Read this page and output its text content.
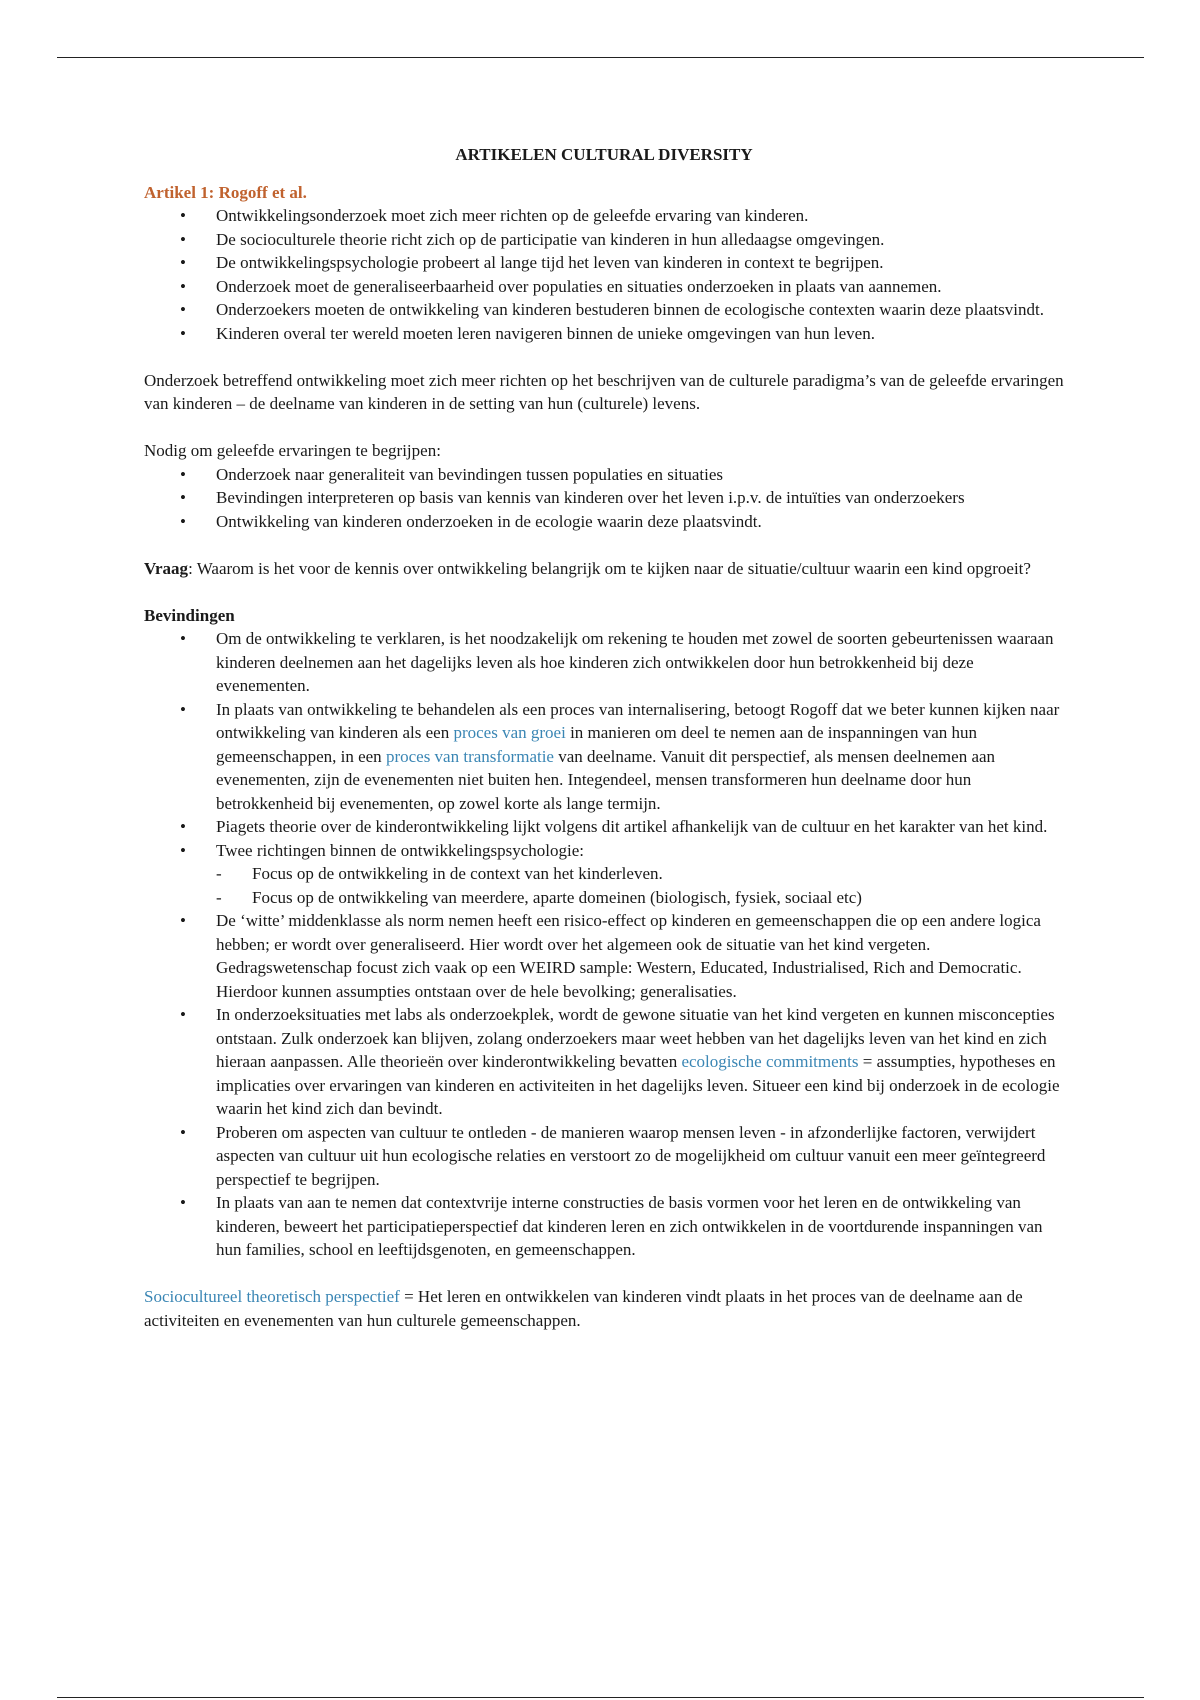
ARTIKELEN CULTURAL DIVERSITY

Artikel 1: Rogoff et al.

• Ontwikkelingsonderzoek moet zich meer richten op de geleefde ervaring van kinderen.
• De socioculturele theorie richt zich op de participatie van kinderen in hun alledaagse omgevingen.
• De ontwikkelingspsychologie probeert al lange tijd het leven van kinderen in context te begrijpen.
• Onderzoek moet de generaliseerbaarheid over populaties en situaties onderzoeken in plaats van aannemen.
• Onderzoekers moeten de ontwikkeling van kinderen bestuderen binnen de ecologische contexten waarin deze plaatsvindt.
• Kinderen overal ter wereld moeten leren navigeren binnen de unieke omgevingen van hun leven.

Onderzoek betreffend ontwikkeling moet zich meer richten op het beschrijven van de culturele paradigma’s van de geleefde ervaringen van kinderen – de deelname van kinderen in de setting van hun (culturele) levens.

Nodig om geleefde ervaringen te begrijpen:

• Onderzoek naar generaliteit van bevindingen tussen populaties en situaties
• Bevindingen interpreteren op basis van kennis van kinderen over het leven i.p.v. de intuïties van onderzoekers
• Ontwikkeling van kinderen onderzoeken in de ecologie waarin deze plaatsvindt.

Vraag: Waarom is het voor de kennis over ontwikkeling belangrijk om te kijken naar de situatie/cultuur waarin een kind opgroeit?

Bevindingen

• Om de ontwikkeling te verklaren, is het noodzakelijk om rekening te houden met zowel de soorten gebeurtenissen waaraan kinderen deelnemen aan het dagelijks leven als hoe kinderen zich ontwikkelen door hun betrokkenheid bij deze evenementen.
• In plaats van ontwikkeling te behandelen als een proces van internalisering, betoogt Rogoff dat we beter kunnen kijken naar ontwikkeling van kinderen als een proces van groei in manieren om deel te nemen aan de inspanningen van hun gemeenschappen, in een proces van transformatie van deelname. Vanuit dit perspectief, als mensen deelnemen aan evenementen, zijn de evenementen niet buiten hen. Integendeel, mensen transformeren hun deelname door hun betrokkenheid bij evenementen, op zowel korte als lange termijn.
• Piagets theorie over de kinderontwikkeling lijkt volgens dit artikel afhankelijk van de cultuur en het karakter van het kind.
• Twee richtingen binnen de ontwikkelingspsychologie:
- Focus op de ontwikkeling in de context van het kinderleven.
- Focus op de ontwikkeling van meerdere, aparte domeinen (biologisch, fysiek, sociaal etc)
• De ‘witte’ middenklasse als norm nemen heeft een risico-effect op kinderen en gemeenschappen die op een andere logica hebben; er wordt over generaliseerd. Hier wordt over het algemeen ook de situatie van het kind vergeten. Gedragswetenschap focust zich vaak op een WEIRD sample: Western, Educated, Industrialised, Rich and Democratic. Hierdoor kunnen assumpties ontstaan over de hele bevolking; generalisaties.
• In onderzoeksituaties met labs als onderzoekplek, wordt de gewone situatie van het kind vergeten en kunnen misconcepties ontstaan. Zulk onderzoek kan blijven, zolang onderzoekers maar weet hebben van het dagelijks leven van het kind en zich hieraan aanpassen. Alle theorieën over kinderontwikkeling bevatten ecologische commitments = assumpties, hypotheses en implicaties over ervaringen van kinderen en activiteiten in het dagelijks leven. Situeer een kind bij onderzoek in de ecologie waarin het kind zich dan bevindt.
• Proberen om aspecten van cultuur te ontleden - de manieren waarop mensen leven - in afzonderlijke factoren, verwijdert aspecten van cultuur uit hun ecologische relaties en verstoort zo de mogelijkheid om cultuur vanuit een meer geïntegreerd perspectief te begrijpen.
• In plaats van aan te nemen dat contextvrije interne constructies de basis vormen voor het leren en de ontwikkeling van kinderen, beweert het participatieperspectief dat kinderen leren en zich ontwikkelen in de voortdurende inspanningen van hun families, school en leeftijdsgenoten, en gemeenschappen.

Sociocultureel theoretisch perspectief = Het leren en ontwikkelen van kinderen vindt plaats in het proces van de deelname aan de activiteiten en evenementen van hun culturele gemeenschappen.
